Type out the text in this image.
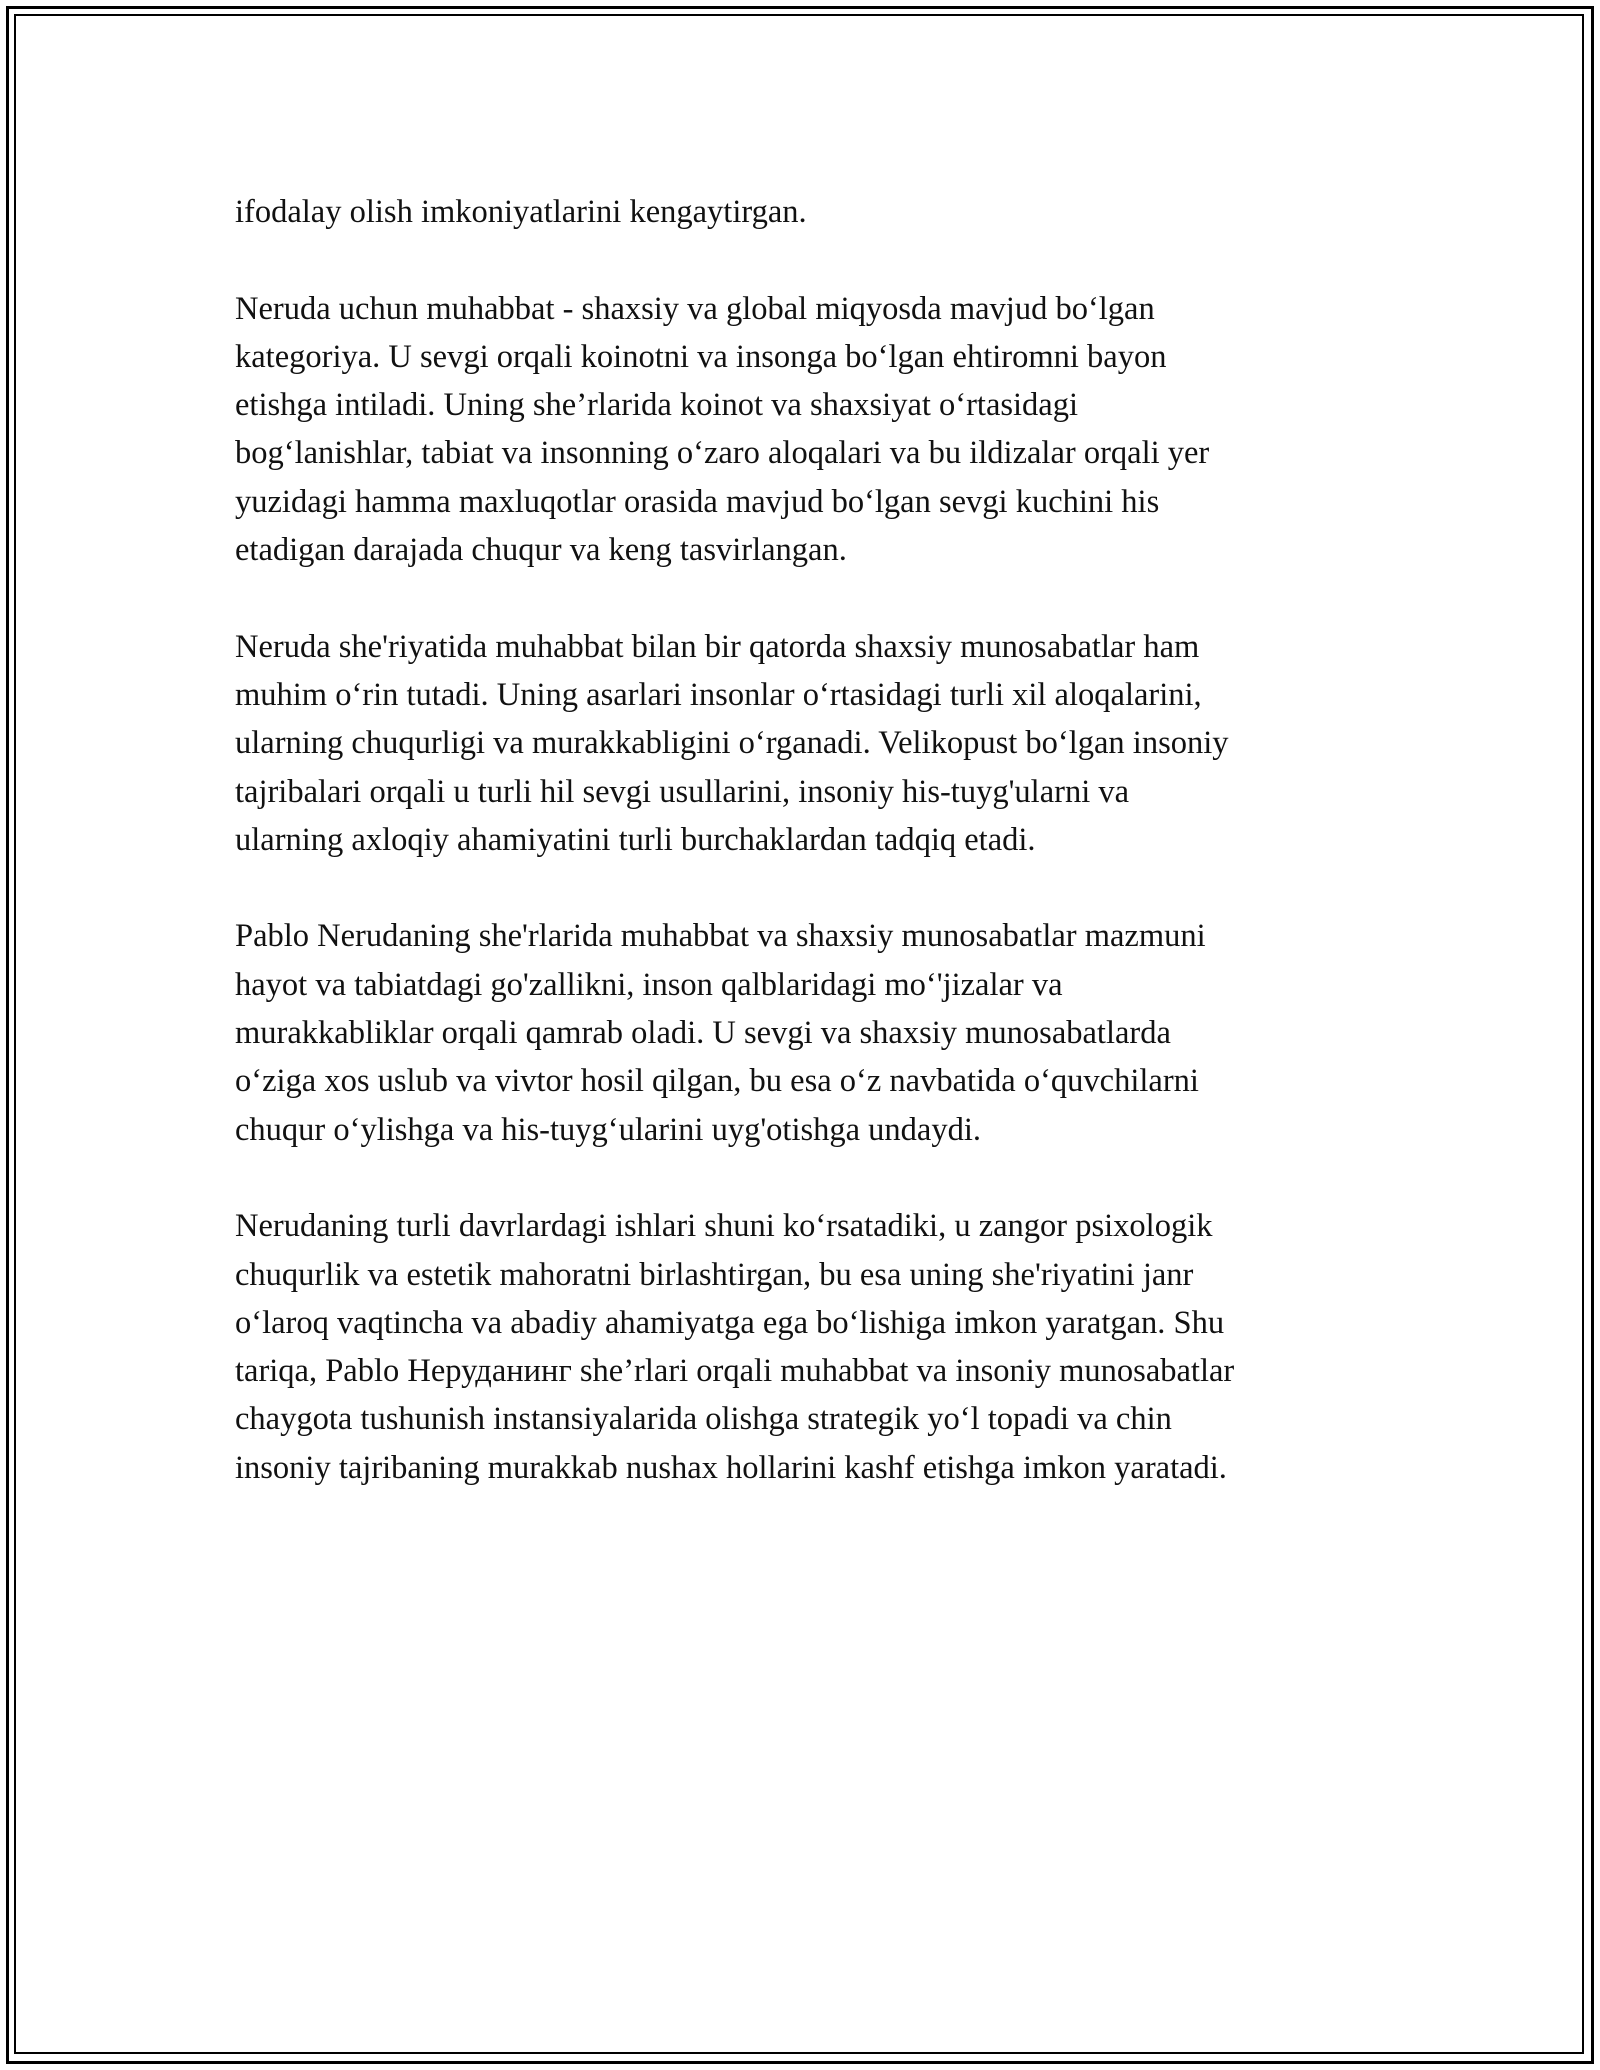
ifodalay olish imkoniyatlarini kengaytirgan.

Neruda uchun muhabbat - shaxsiy va global miqyosda mavjud bo‘lgan
kategoriya. U sevgi orqali koinotni va insonga bo‘lgan ehtiromni bayon
etishga intiladi. Uning she’rlarida koinot va shaxsiyat o‘rtasidagi
bog‘lanishlar, tabiat va insonning o‘zaro aloqalari va bu ildizalar orqali yer
yuzidagi hamma maxluqotlar orasida mavjud bo‘lgan sevgi kuchini his
etadigan darajada chuqur va keng tasvirlangan.

Neruda she'riyatida muhabbat bilan bir qatorda shaxsiy munosabatlar ham
muhim o‘rin tutadi. Uning asarlari insonlar o‘rtasidagi turli xil aloqalarini,
ularning chuqurligi va murakkabligini o‘rganadi. Velikopust bo‘lgan insoniy
tajribalari orqali u turli hil sevgi usullarini, insoniy his-tuyg'ularni va
ularning axloqiy ahamiyatini turli burchaklardan tadqiq etadi.

Pablo Nerudaning she'rlarida muhabbat va shaxsiy munosabatlar mazmuni
hayot va tabiatdagi go'zallikni, inson qalblaridagi mo‘'jizalar va
murakkabliklar orqali qamrab oladi. U sevgi va shaxsiy munosabatlarda
o‘ziga xos uslub va vivtor hosil qilgan, bu esa o‘z navbatida o‘quvchilarni
chuqur o‘ylishga va his-tuyg‘ularini uyg'otishga undaydi.

Nerudaning turli davrlardagi ishlari shuni ko‘rsatadiki, u zangor psixologik
chuqurlik va estetik mahoratni birlashtirgan, bu esa uning she'riyatini janr
o‘laroq vaqtincha va abadiy ahamiyatga ega bo‘lishiga imkon yaratgan. Shu
tariqa, Pablo Неруданинг she’rlari orqali muhabbat va insoniy munosabatlar
chaygota tushunish instansiyalarida olishga strategik yo‘l topadi va chin
insoniy tajribaning murakkab nushax hollarini kashf etishga imkon yaratadi.
